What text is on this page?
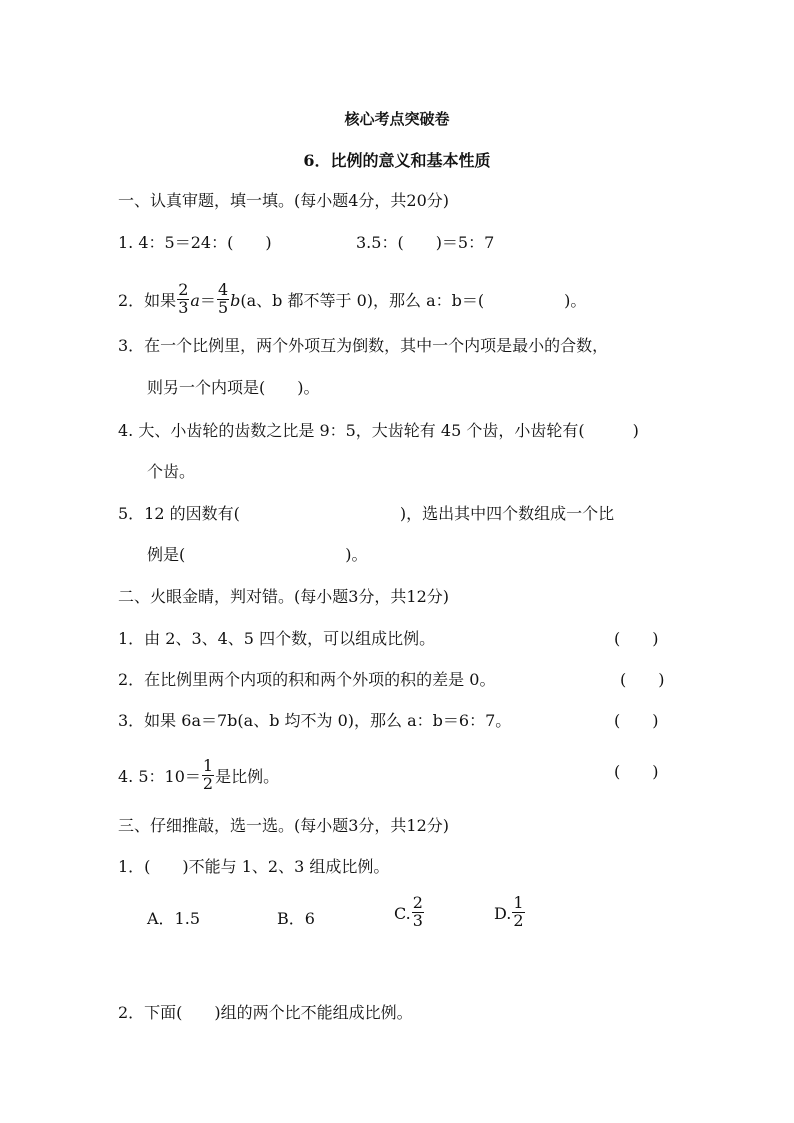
核心考点突破卷
6．比例的意义和基本性质
一、认真审题，填一填。(每小题4分，共20分)
1. 4：5＝24：(　　)	3.5：(　　)＝5：7
2．如果 $\frac{2}{3} a= \frac{4}{5} b(a$、b 都不等于 0)，那么 a：b＝(　　　　　)。
3．在一个比例里，两个外项互为倒数，其中一个内项是最小的合数，
则另一个内项是(　　)。
4. 大、小齿轮的齿数之比是 9：5，大齿轮有 45 个齿，小齿轮有(　　　)
个齿。
5．12 的因数有(　　　　　　　　　　)，选出其中四个数组成一个比
例是(　　　　　　　　　　)。
二、火眼金睛，判对错。(每小题3分，共12分)
1．由 2、3、4、5 四个数，可以组成比例。	(　　)
2．在比例里两个内项的积和两个外项的积的差是 0。	(　　)
3．如果 6a＝7b(a、b 均不为 0)，那么 a：b＝6：7。	(　　)
4. 5：$10= \frac{1}{2}$ 是比例。	(　　)
三、仔细推敲，选一选。(每小题3分，共12分)
1．(　　)不能与 1、2、3 组成比例。
A．1.5	B．6	C. $\frac{2}{3}$	D. $\frac{1}{2}$
2．下面(　　)组的两个比不能组成比例。
